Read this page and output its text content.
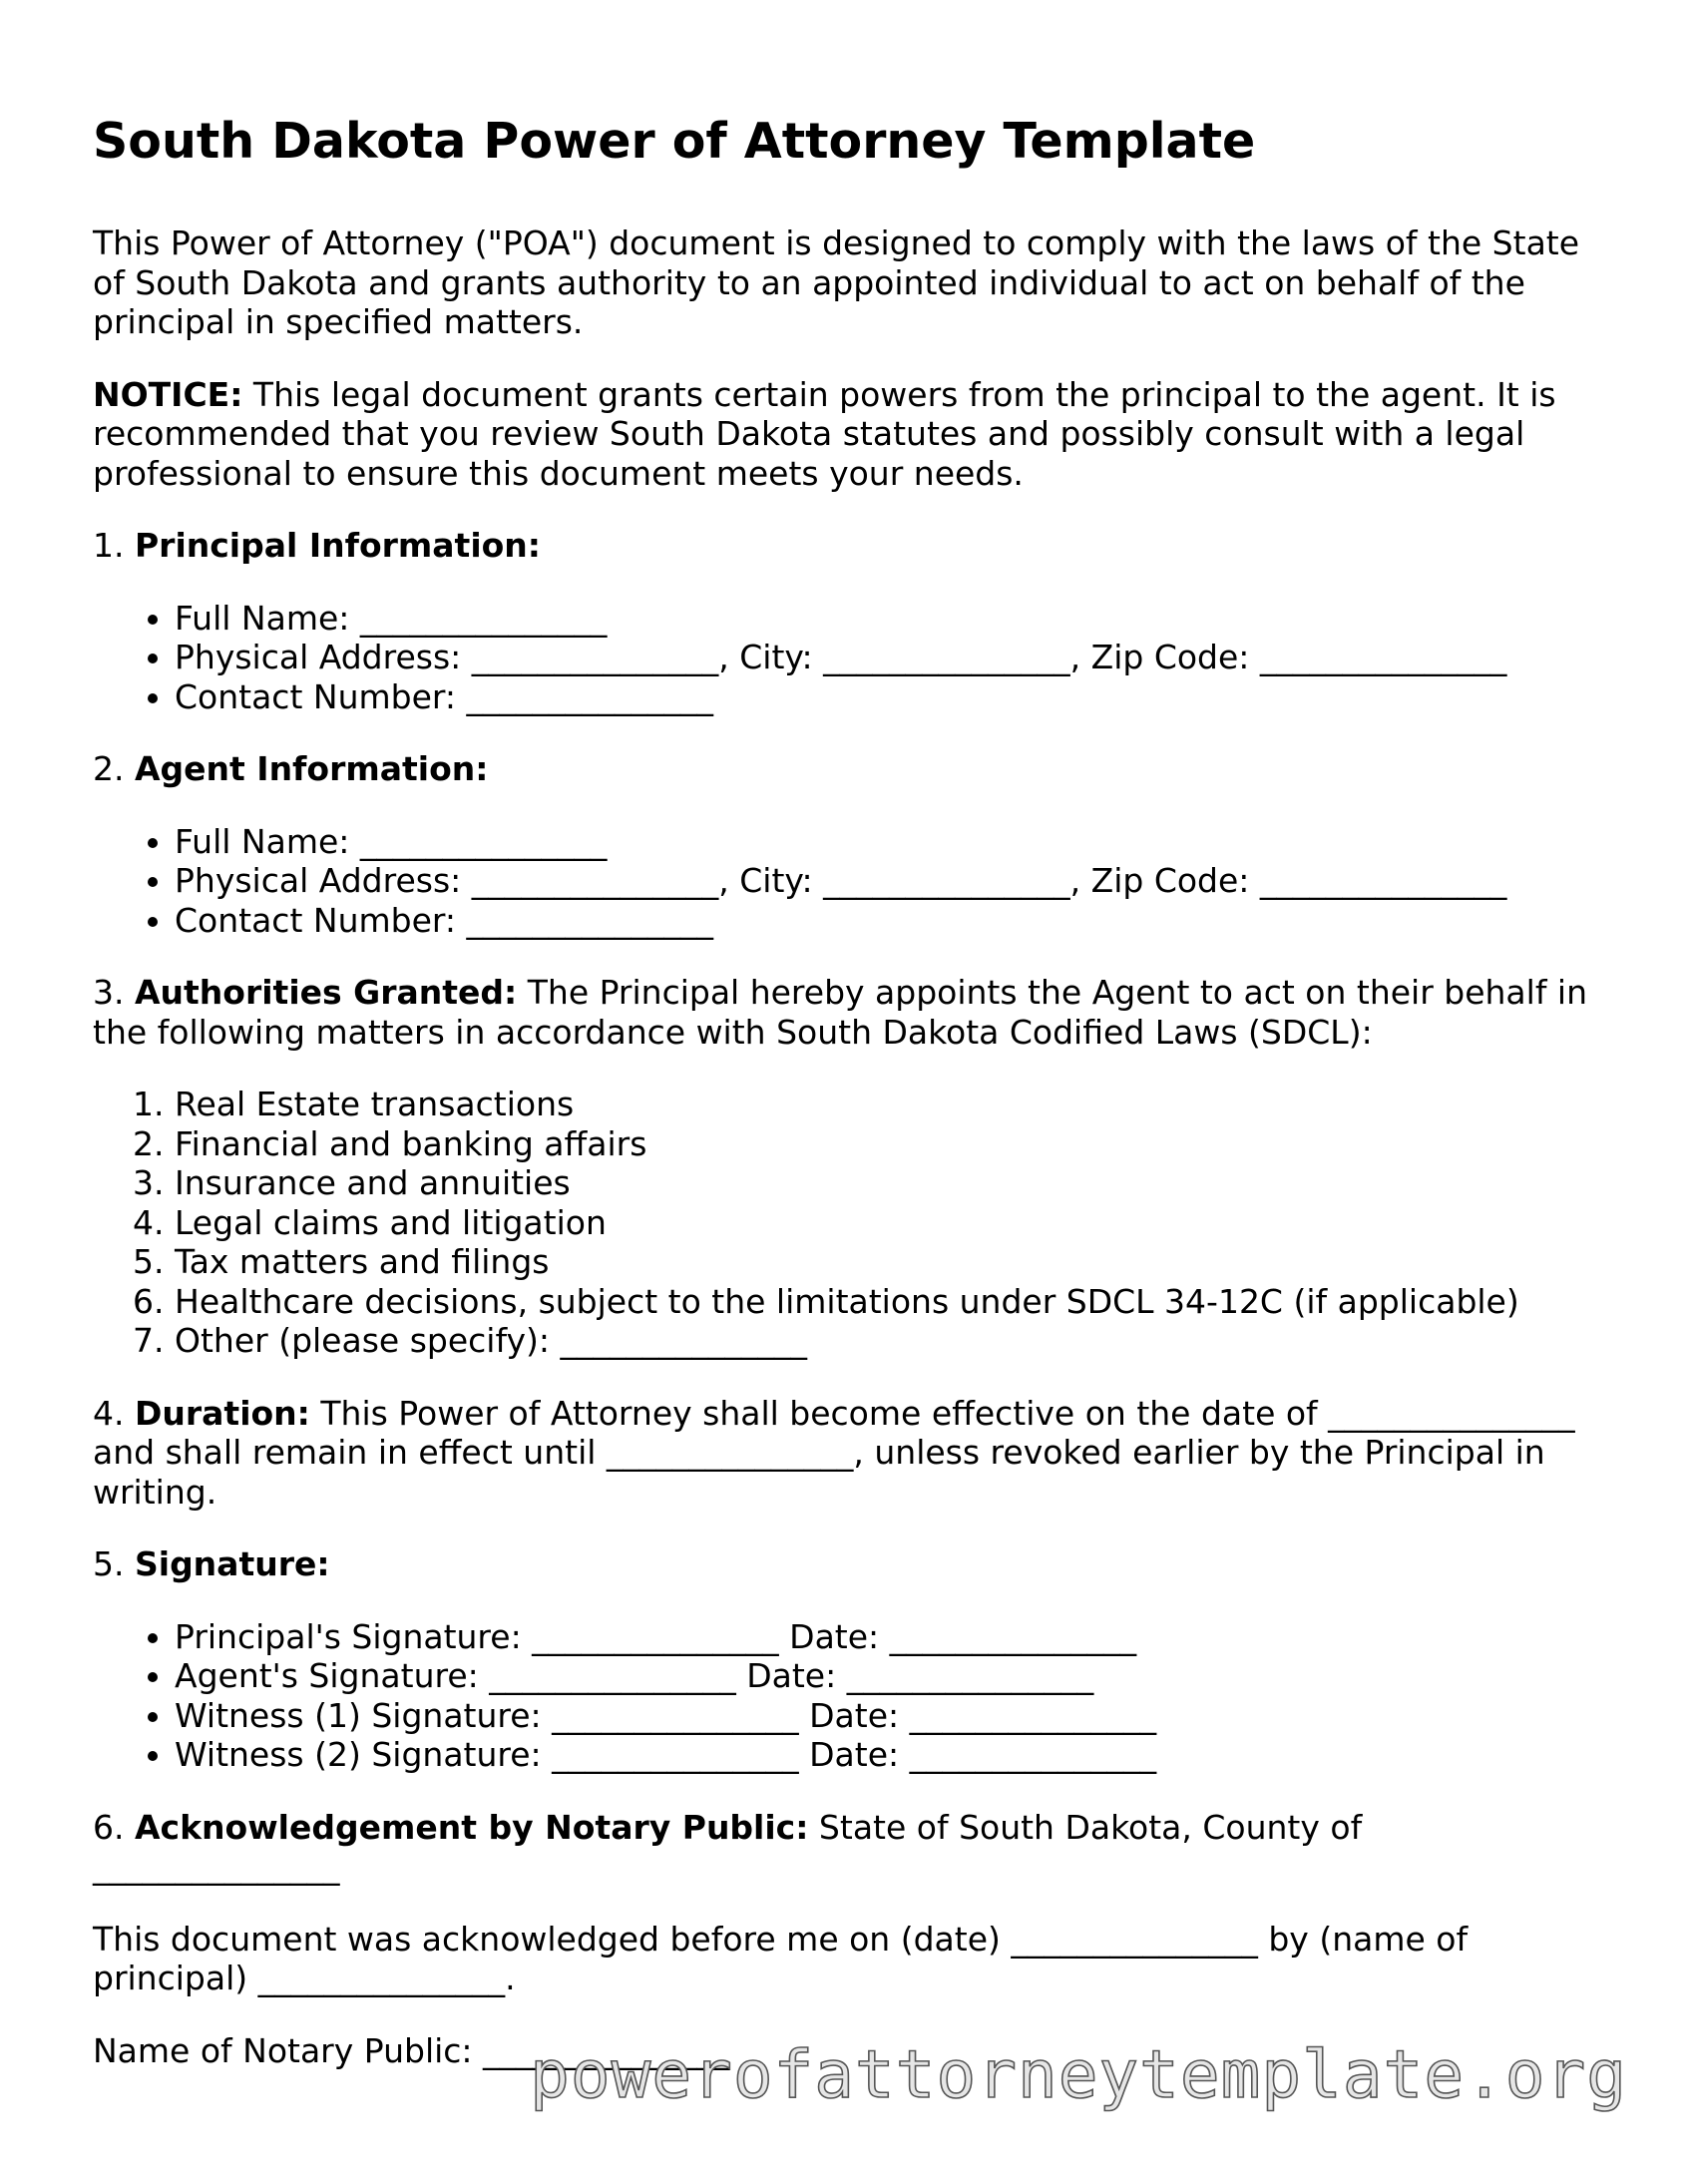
South Dakota Power of Attorney Template

This Power of Attorney ("POA") document is designed to comply with the laws of the State of South Dakota and grants authority to an appointed individual to act on behalf of the principal in specified matters.

NOTICE: This legal document grants certain powers from the principal to the agent. It is recommended that you review South Dakota statutes and possibly consult with a legal professional to ensure this document meets your needs.

1. Principal Information:

• Full Name: _______________
• Physical Address: _______________, City: _______________, Zip Code: _______________
• Contact Number: _______________

2. Agent Information:

• Full Name: _______________
• Physical Address: _______________, City: _______________, Zip Code: _______________
• Contact Number: _______________

3. Authorities Granted: The Principal hereby appoints the Agent to act on their behalf in the following matters in accordance with South Dakota Codified Laws (SDCL):

1. Real Estate transactions
2. Financial and banking affairs
3. Insurance and annuities
4. Legal claims and litigation
5. Tax matters and filings
6. Healthcare decisions, subject to the limitations under SDCL 34-12C (if applicable)
7. Other (please specify): _______________

4. Duration: This Power of Attorney shall become effective on the date of _______________ and shall remain in effect until _______________, unless revoked earlier by the Principal in writing.

5. Signature:

• Principal's Signature: _______________ Date: _______________
• Agent's Signature: _______________ Date: _______________
• Witness (1) Signature: _______________ Date: _______________
• Witness (2) Signature: _______________ Date: _______________

6. Acknowledgement by Notary Public: State of South Dakota, County of _______________

This document was acknowledged before me on (date) _______________ by (name of principal) _______________.

Name of Notary Public: _______________

powerofattorneytemplate.org
